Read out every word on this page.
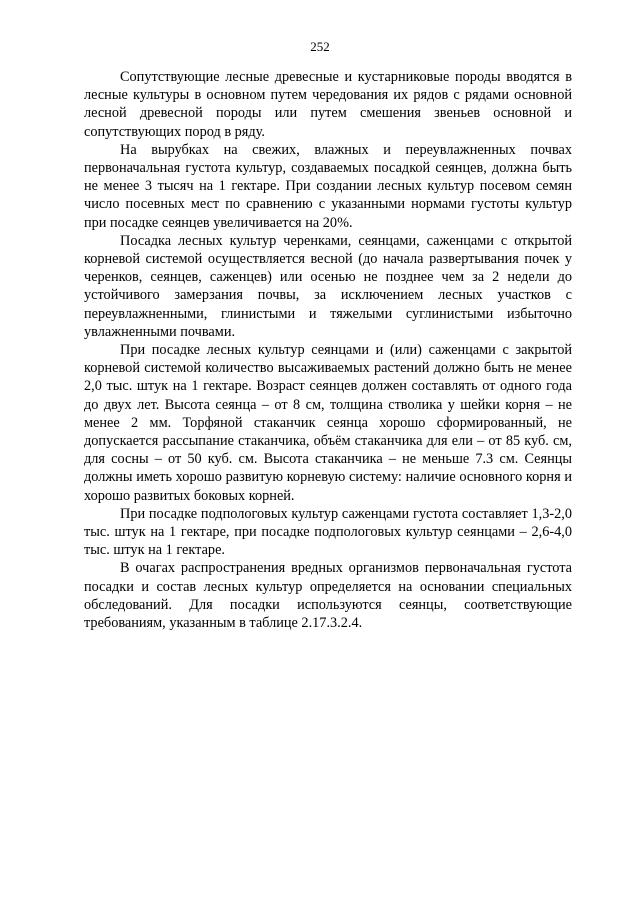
252

Сопутствующие лесные древесные и кустарниковые породы вводятся в лесные культуры в основном путем чередования их рядов с рядами основной лесной древесной породы или путем смешения звеньев основной и сопутствующих пород в ряду.

На вырубках на свежих, влажных и переувлажненных почвах первоначальная густота культур, создаваемых посадкой сеянцев, должна быть не менее 3 тысяч на 1 гектаре. При создании лесных культур посевом семян число посевных мест по сравнению с указанными нормами густоты культур при посадке сеянцев увеличивается на 20%.

Посадка лесных культур черенками, сеянцами, саженцами с открытой корневой системой осуществляется весной (до начала развертывания почек у черенков, сеянцев, саженцев) или осенью не позднее чем за 2 недели до устойчивого замерзания почвы, за исключением лесных участков с переувлажненными, глинистыми и тяжелыми суглинистыми избыточно увлажненными почвами.

При посадке лесных культур сеянцами и (или) саженцами с закрытой корневой системой количество высаживаемых растений должно быть не менее 2,0 тыс. штук на 1 гектаре. Возраст сеянцев должен составлять от одного года до двух лет. Высота сеянца – от 8 см, толщина стволика у шейки корня – не менее 2 мм. Торфяной стаканчик сеянца хорошо сформированный, не допускается рассыпание стаканчика, объём стаканчика для ели – от 85 куб. см, для сосны – от 50 куб. см. Высота стаканчика – не меньше 7.3 см. Сеянцы должны иметь хорошо развитую корневую систему: наличие основного корня и хорошо развитых боковых корней.

При посадке подпологовых культур саженцами густота составляет 1,3-2,0 тыс. штук на 1 гектаре, при посадке подпологовых культур сеянцами – 2,6-4,0 тыс. штук на 1 гектаре.

В очагах распространения вредных организмов первоначальная густота посадки и состав лесных культур определяется на основании специальных обследований. Для посадки используются сеянцы, соответствующие требованиям, указанным в таблице 2.17.3.2.4.
